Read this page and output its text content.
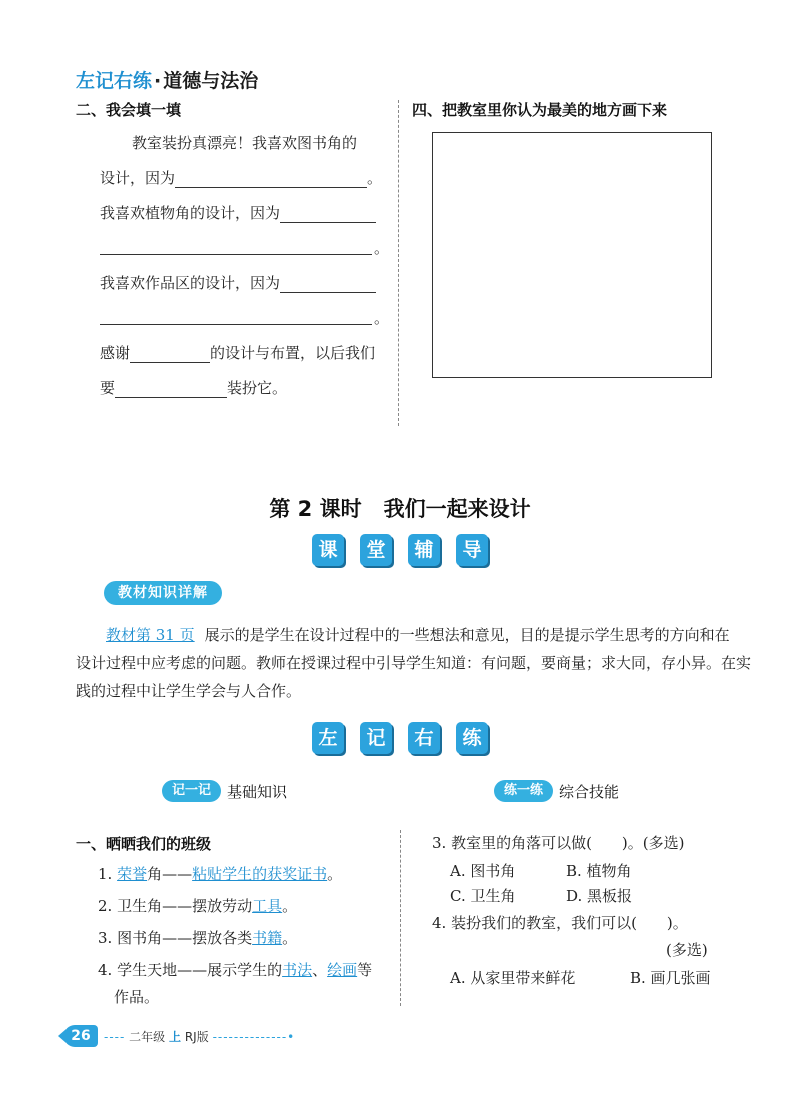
左记右练 · 道德与法治
二、我会填一填
教室装扮真漂亮！我喜欢图书角的
设计，因为	。
我喜欢植物角的设计，因为
。
我喜欢作品区的设计，因为
。
感谢	的设计与布置，以后我们
要	装扮它。
四、把教室里你认为最美的地方画下来
第 2 课时 我们一起来设计
课 堂 辅 导
教材知识详解
教材第 31 页 展示的是学生在设计过程中的一些想法和意见，目的是提示学生思考的方向和在
设计过程中应考虑的问题。教师在授课过程中引导学生知道：有问题，要商量；求大同，存小异。在实
践的过程中让学生学会与人合作。
左 记 右 练
记一记 基础知识
一、晒晒我们的班级
1. 荣誉角——粘贴学生的获奖证书。
2. 卫生角——摆放劳动工具。
3. 图书角——摆放各类书籍。
4. 学生天地——展示学生的书法、绘画等
作品。
练一练 综合技能
3. 教室里的角落可以做(　　)。(多选)
A. 图书角	B. 植物角
C. 卫生角	D. 黑板报
4. 装扮我们的教室，我们可以(　　)。
(多选)
A. 从家里带来鲜花	B. 画几张画
26	---- 二年级 上 RJ版 --------------•
